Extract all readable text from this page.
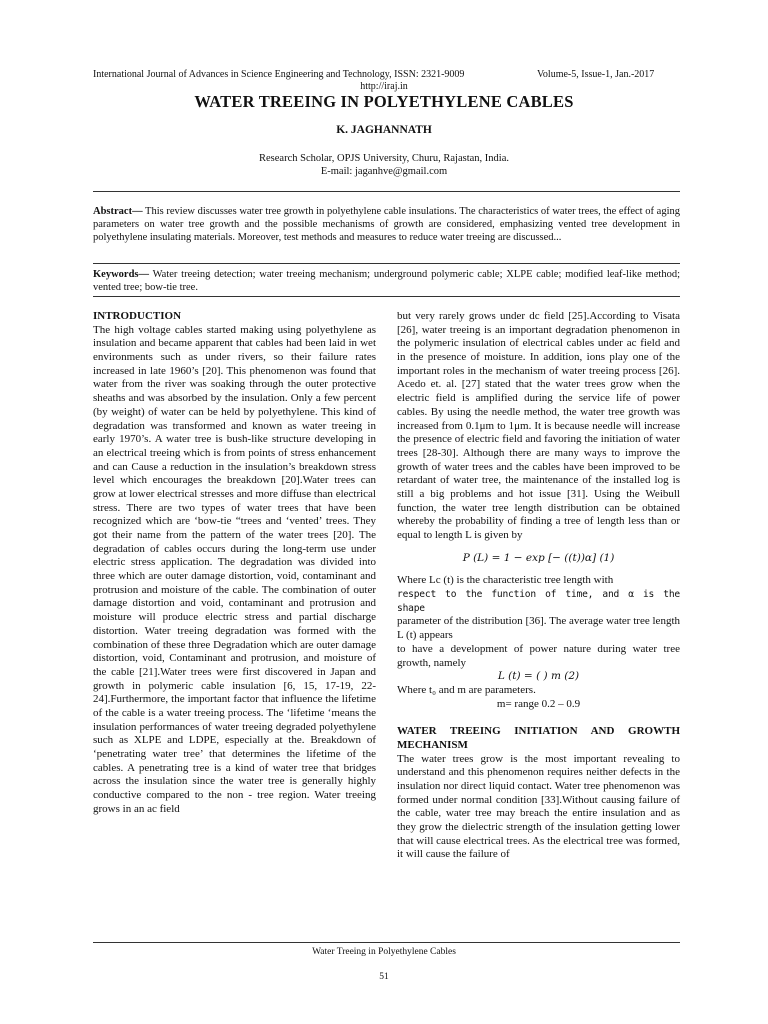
International Journal of Advances in Science Engineering and Technology, ISSN: 2321-9009	Volume-5, Issue-1, Jan.-2017
http://iraj.in
WATER TREEING IN POLYETHYLENE CABLES
K. JAGHANNATH
Research Scholar, OPJS University, Churu, Rajastan, India.
E-mail: jaganhve@gmail.com
Abstract— This review discusses water tree growth in polyethylene cable insulations. The characteristics of water trees, the effect of aging parameters on water tree growth and the possible mechanisms of growth are considered, emphasizing vented tree development in polyethylene insulating materials. Moreover, test methods and measures to reduce water treeing are discussed...
Keywords— Water treeing detection; water treeing mechanism; underground polymeric cable; XLPE cable; modified leaf-like method; vented tree; bow-tie tree.
INTRODUCTION

The high voltage cables started making using polyethylene as insulation and became apparent that cables had been laid in wet environments such as under rivers, so their failure rates increased in late 1960’s [20]. This phenomenon was found that water from the river was soaking through the outer protective sheaths and was absorbed by the insulation. Only a few percent (by weight) of water can be held by polyethylene. This kind of degradation was transformed and known as water treeing in early 1970’s. A water tree is bush-like structure developing in an electrical treeing which is from points of stress enhancement and can Cause a reduction in the insulation’s breakdown stress level which encourages the breakdown [20].Water trees can grow at lower electrical stresses and more diffuse than electrical stress. There are two types of water trees that have been recognized which are ‘bow-tie “trees and ‘vented’ trees. They got their name from the pattern of the water trees [20]. The degradation of cables occurs during the long-term use under electric stress application. The degradation was divided into three which are outer damage distortion, void, contaminant and protrusion and moisture of the cable. The combination of outer damage distortion and void, contaminant and protrusion and moisture will produce electric stress and partial discharge distortion. Water treeing degradation was formed with the combination of these three Degradation which are outer damage distortion, void, Contaminant and protrusion, and moisture of the cable [21].Water trees were first discovered in Japan and growth in polymeric cable insulation [6, 15, 17-19, 22-24].Furthermore, the important factor that influence the lifetime of the cable is a water treeing process. The ‘lifetime ‘means the insulation performances of water treeing degraded polyethylene such as XLPE and LDPE, especially at the. Breakdown of ‘penetrating water tree’ that determines the lifetime of the cables. A penetrating tree is a kind of water tree that bridges across the insulation since the water tree is generally highly conductive compared to the non - tree region. Water treeing grows in an ac field

but very rarely grows under dc field [25].According to Visata [26], water treeing is an important degradation phenomenon in the polymeric insulation of electrical cables under ac field and in the presence of moisture. In addition, ions play one of the important roles in the mechanism of water treeing process [26]. Acedo et. al. [27] stated that the water trees grow when the electric field is amplified during the service life of power cables. By using the needle method, the water tree growth was increased from 0.1μm to 1μm. It is because needle will increase the presence of electric field and favoring the initiation of water trees [28-30]. Although there are many ways to improve the growth of water trees and the cables have been improved to be retardant of water tree, the maintenance of the installed log is still a big problems and hot issue [31]. Using the Weibull function, the water tree length distribution can be obtained whereby the probability of finding a tree of length less than or equal to length L is given by

P (L) = 1 − exp [− ((t))α] (1)

Where Lc (t) is the characteristic tree length with

respect to the function of time, and α is the shape

parameter of the distribution [36]. The average water tree length L (t) appears

to have a development of power nature during water tree growth, namely

L (t) = ( ) m (2)

Where t₀ and m are parameters.

m= range 0.2 – 0.9
WATER TREEING INITIATION AND GROWTH MECHANISM

The water trees grow is the most important revealing to understand and this phenomenon requires neither defects in the insulation nor direct liquid contact. Water tree phenomenon was formed under normal condition [33].Without causing failure of the cable, water tree may breach the entire insulation and as they grow the dielectric strength of the insulation getting lower that will cause electrical trees. As the electrical tree was formed, it will cause the failure of

Water Treeing in Polyethylene Cables
51
